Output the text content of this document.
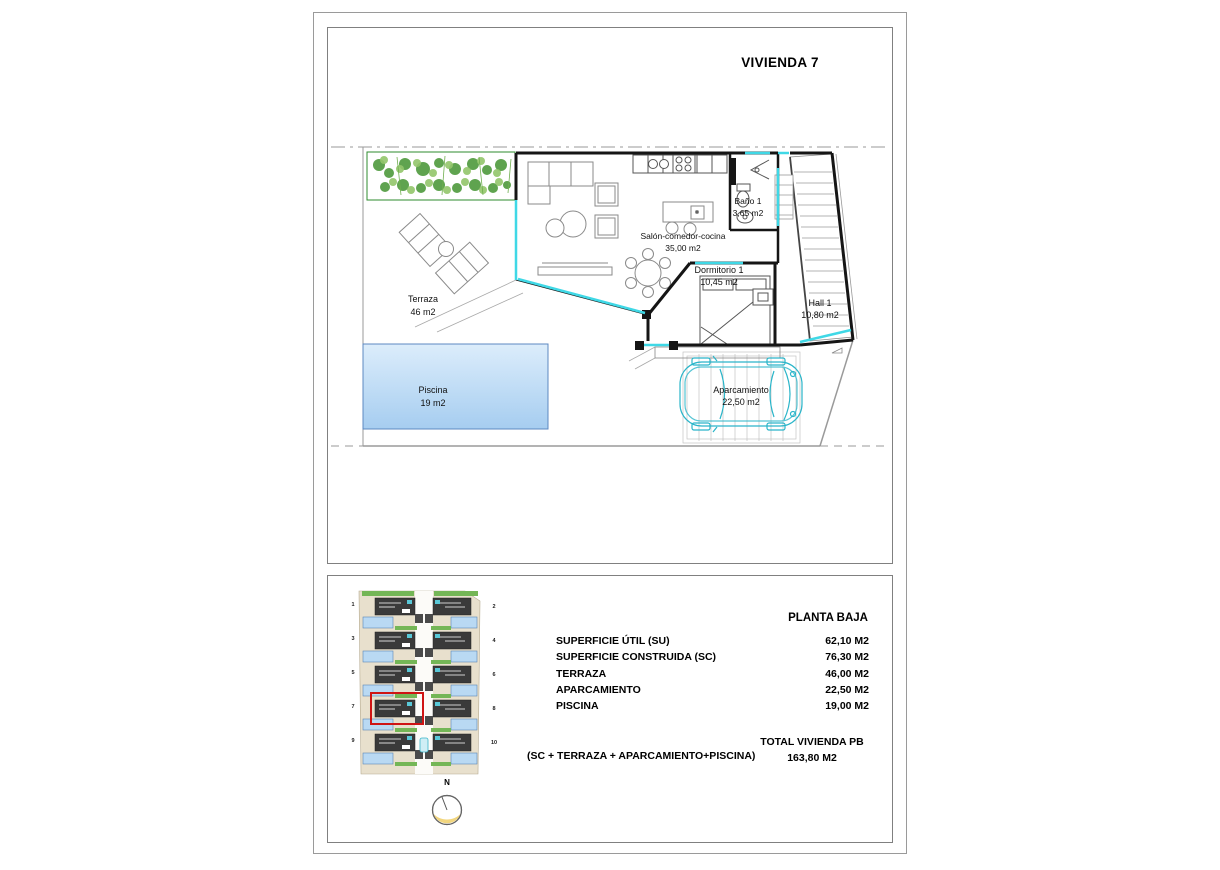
VIVIENDA 7
Terraza
46 m2
Piscina
19 m2
Salón-comedor-cocina
35,00 m2
Baño 1
3,65 m2
Dormitorio 1
10,45 m2
Hall 1
10,80 m2
Aparcamiento
22,50 m2
1
3
5
7
9
2
4
6
8
10
N
PLANTA BAJA
SUPERFICIE ÚTIL (SU)	62,10 M2
SUPERFICIE CONSTRUIDA (SC)	76,30 M2
TERRAZA	46,00 M2
APARCAMIENTO	22,50 M2
PISCINA	19,00 M2
(SC + TERRAZA + APARCAMIENTO+PISCINA)
TOTAL VIVIENDA PB
163,80 M2
